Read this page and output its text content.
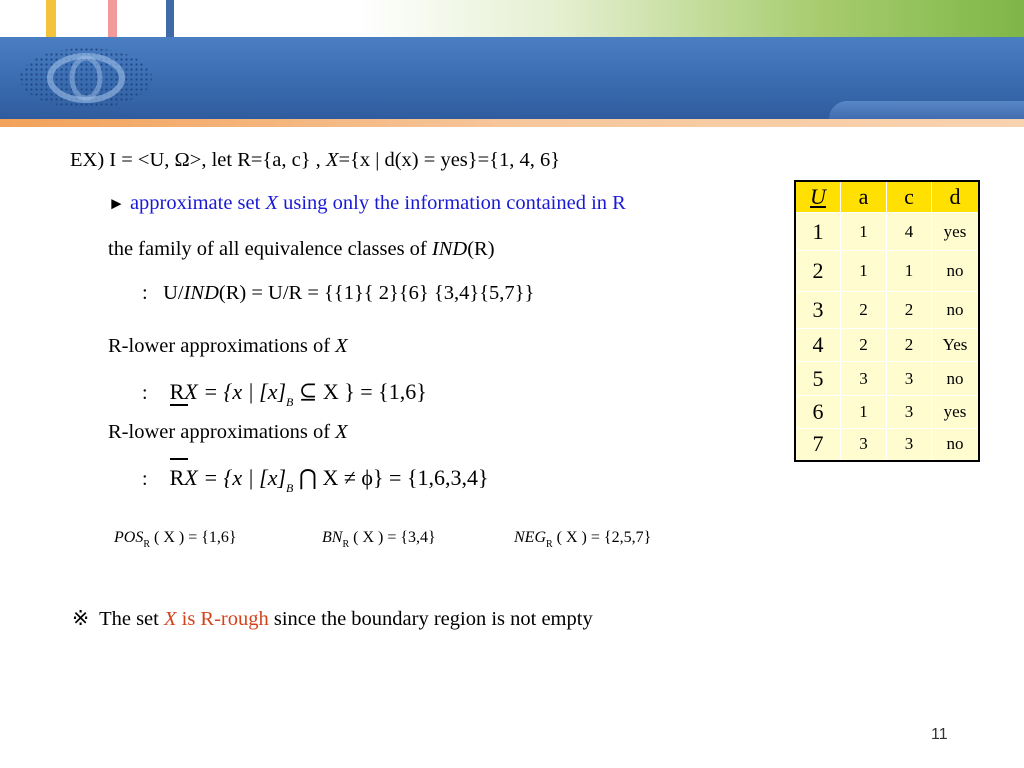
EX) I = <U, Ω>, let R={a, c} , X={x | d(x) = yes}={1, 4, 6}
► approximate set X using only the information contained in R
the family of all equivalence classes of IND(R)
: U/IND(R) = U/R = {{1}{ 2}{6} {3,4}{5,7}}
R-lower approximations of X
: RX = {x | $[x]_B$ ⊆ X } = {1,6}
R-lower approximations of X
: RX = {x | $[x]_B$ ⋂ X ≠ ϕ} = {1,6,3,4}
$POS_R$ ( X ) = {1,6}	$BN_R$ ( X ) = {3,4}	$NEG_R$ ( X ) = {2,5,7}
※  The set X is R-rough since the boundary region is not empty
U	a	c	d
1	1	4	yes
2	1	1	no
3	2	2	no
4	2	2	Yes
5	3	3	no
6	1	3	yes
7	3	3	no
11
